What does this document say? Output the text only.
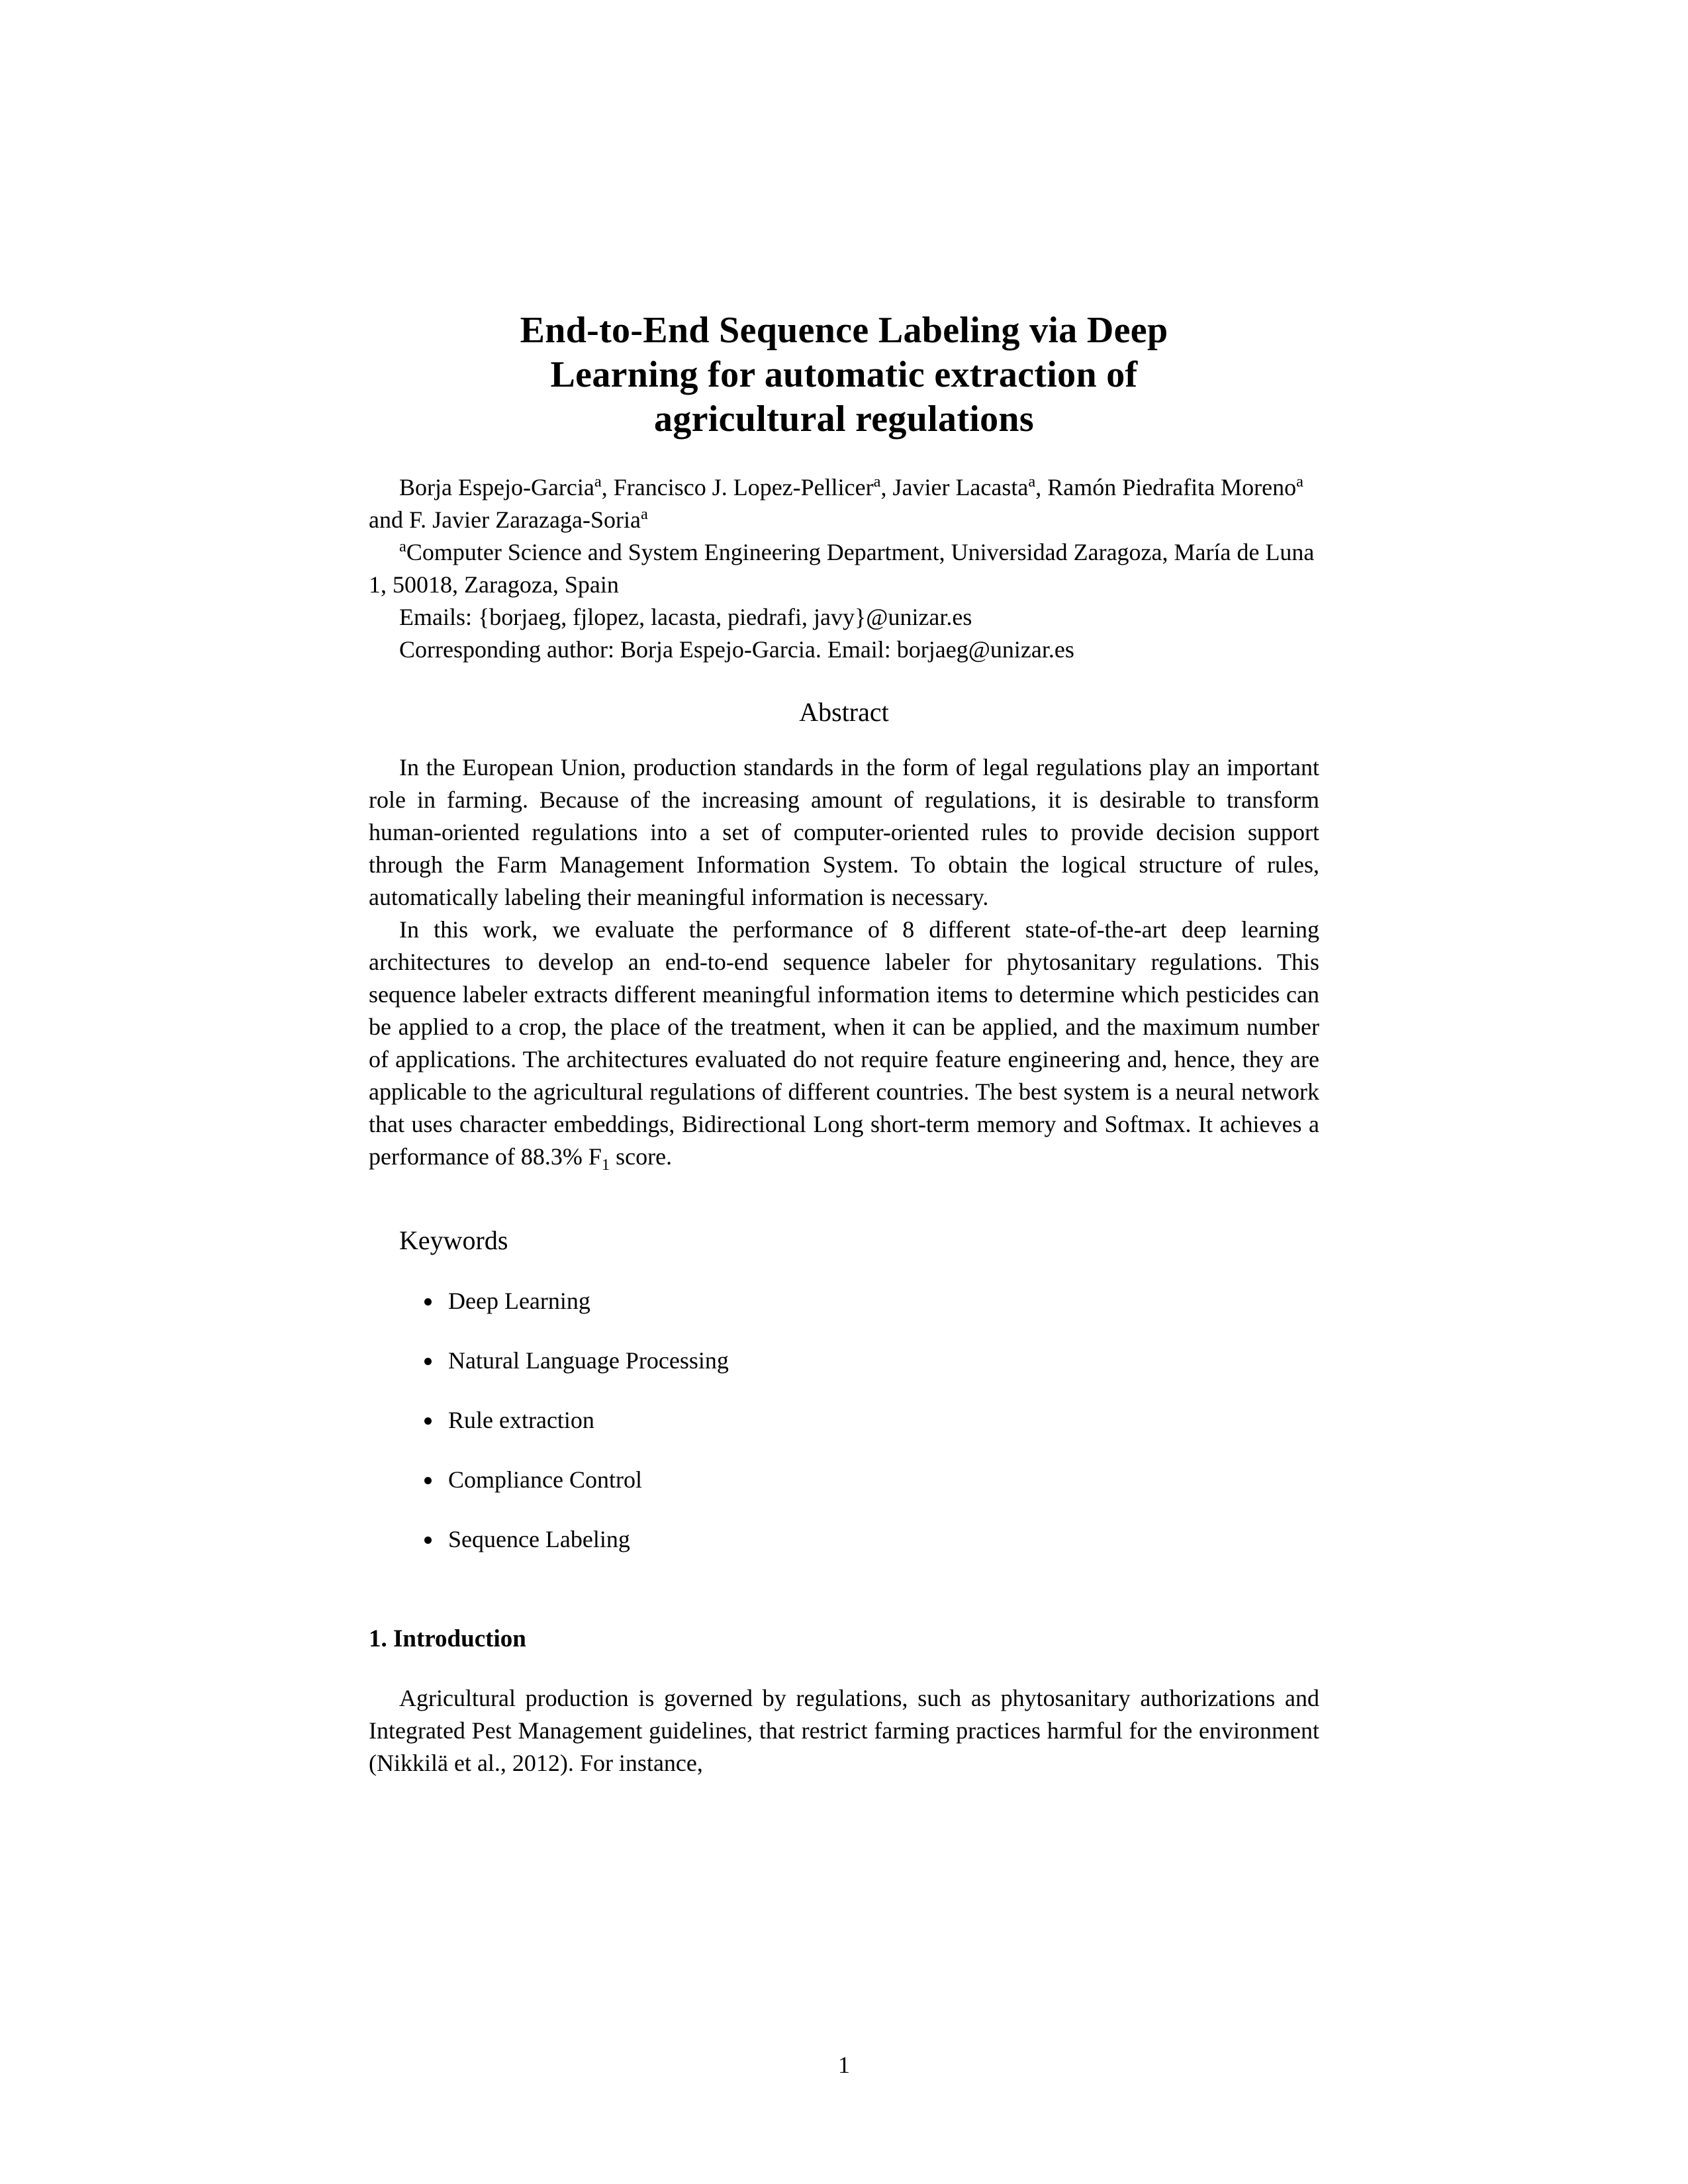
End-to-End Sequence Labeling via Deep
Learning for automatic extraction of
agricultural regulations

Borja Espejo-Garcia$^a$, Francisco J. Lopez-Pellicer$^a$, Javier Lacasta$^a$, Ramón Piedrafita Moreno$^a$ and F. Javier Zarazaga-Soria$^a$

$^a$Computer Science and System Engineering Department, Universidad Zaragoza, María de Luna 1, 50018, Zaragoza, Spain

Emails: {borjaeg, fjlopez, lacasta, piedrafi, javy}@unizar.es

Corresponding author: Borja Espejo-Garcia. Email: borjaeg@unizar.es

Abstract

In the European Union, production standards in the form of legal regulations play an important role in farming. Because of the increasing amount of regulations, it is desirable to transform human-oriented regulations into a set of computer-oriented rules to provide decision support through the Farm Management Information System. To obtain the logical structure of rules, automatically labeling their meaningful information is necessary.

In this work, we evaluate the performance of 8 different state-of-the-art deep learning architectures to develop an end-to-end sequence labeler for phytosanitary regulations. This sequence labeler extracts different meaningful information items to determine which pesticides can be applied to a crop, the place of the treatment, when it can be applied, and the maximum number of applications. The architectures evaluated do not require feature engineering and, hence, they are applicable to the agricultural regulations of different countries. The best system is a neural network that uses character embeddings, Bidirectional Long short-term memory and Softmax. It achieves a performance of 88.3% $F_1$ score.

Keywords
• Deep Learning
• Natural Language Processing
• Rule extraction
• Compliance Control
• Sequence Labeling
1. Introduction

Agricultural production is governed by regulations, such as phytosanitary authorizations and Integrated Pest Management guidelines, that restrict farming practices harmful for the environment (Nikkilä et al., 2012). For instance,

1
